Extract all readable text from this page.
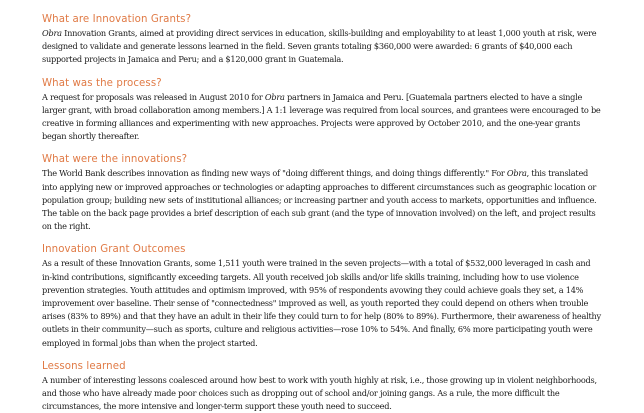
What are Innovation Grants?

Obra Innovation Grants, aimed at providing direct services in education, skills-building and employability to at least 1,000 youth at risk, were designed to validate and generate lessons learned in the field. Seven grants totaling $360,000 were awarded: 6 grants of $40,000 each supported projects in Jamaica and Peru; and a $120,000 grant in Guatemala.

What was the process?

A request for proposals was released in August 2010 for Obra partners in Jamaica and Peru. [Guatemala partners elected to have a single larger grant, with broad collaboration among members.] A 1:1 leverage was required from local sources, and grantees were encouraged to be creative in forming alliances and experimenting with new approaches. Projects were approved by October 2010, and the one-year grants began shortly thereafter.

What were the innovations?

The World Bank describes innovation as finding new ways of "doing different things, and doing things differently." For Obra, this translated into applying new or improved approaches or technologies or adapting approaches to different circumstances such as geographic location or population group; building new sets of institutional alliances; or increasing partner and youth access to markets, opportunities and influence. The table on the back page provides a brief description of each sub grant (and the type of innovation involved) on the left, and project results on the right.

Innovation Grant Outcomes

As a result of these Innovation Grants, some 1,511 youth were trained in the seven projects—with a total of $532,000 leveraged in cash and in-kind contributions, significantly exceeding targets. All youth received job skills and/or life skills training, including how to use violence prevention strategies. Youth attitudes and optimism improved, with 95% of respondents avowing they could achieve goals they set, a 14% improvement over baseline. Their sense of "connectedness" improved as well, as youth reported they could depend on others when trouble arises (83% to 89%) and that they have an adult in their life they could turn to for help (80% to 89%). Furthermore, their awareness of healthy outlets in their community—such as sports, culture and religious activities—rose 10% to 54%. And finally, 6% more participating youth were employed in formal jobs than when the project started.

Lessons learned

A number of interesting lessons coalesced around how best to work with youth highly at risk, i.e., those growing up in violent neighborhoods, and those who have already made poor choices such as dropping out of school and/or joining gangs. As a rule, the more difficult the circumstances, the more intensive and longer-term support these youth need to succeed.
